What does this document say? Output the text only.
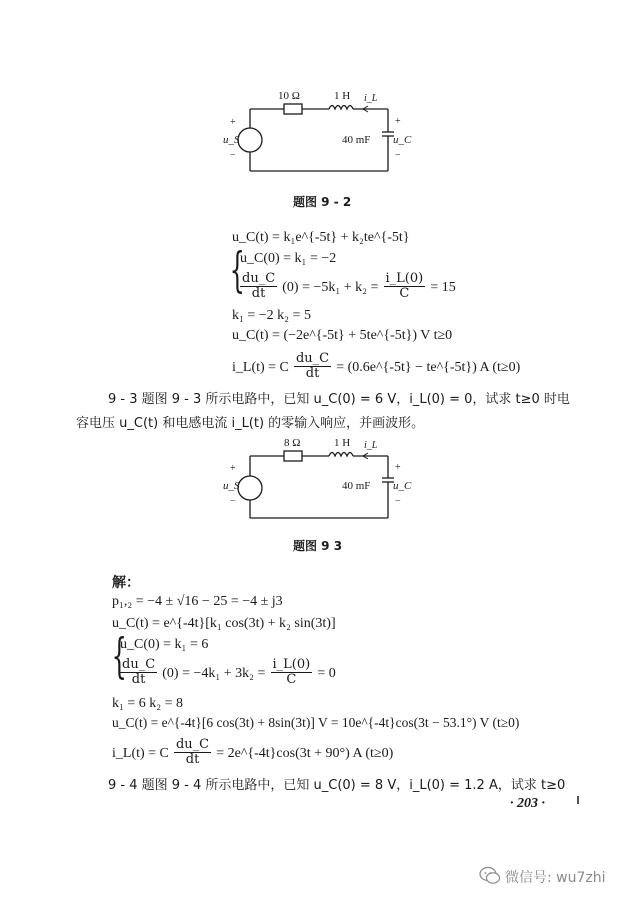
10 Ω	1 H i_L
40 mF u_C
u_S
+
−
+
−
题图 9 - 2
u_C(t) = k₁e^{-5t} + k₂te^{-5t}
{
u_C(0) = k₁ = −2
$\frac{du\_C}{dt} (0) = -5k_1 + k_2 = \frac{i\_L(0)}{C} = 15$
k₁ = −2 k₂ = 5
u_C(t) = (−2e^{-5t} + 5te^{-5t}) V t≥0
i_L(t) = C $\frac{du\_C}{dt}$ = (0.6e^{-5t} − te^{-5t}) A (t≥0)
9 - 3 题图 9 - 3 所示电路中，已知 u_C(0) = 6 V，i_L(0) = 0，试求 t≥0 时电
容电压 u_C(t) 和电感电流 i_L(t) 的零输入响应，并画波形。
8 Ω	1 H i_L
40 mF u_C
u_S
+
−
+
−
题图 9 3
解：
p₁,₂ = −4 ± √16 − 25 = −4 ± j3
u_C(t) = e^{-4t}[k₁ cos(3t) + k₂ sin(3t)]
{
u_C(0) = k₁ = 6
$\frac{du\_C}{dt} (0) = -4k_1 + 3k_2 = \frac{i\_L(0)}{C} = 0$
k₁ = 6 k₂ = 8
u_C(t) = e^{-4t}[6 cos(3t) + 8sin(3t)] V = 10e^{-4t}cos(3t − 53.1°) V (t≥0)
i_L(t) = C $\frac{du\_C}{dt}$ = 2e^{-4t}cos(3t + 90°) A (t≥0)
9 - 4 题图 9 - 4 所示电路中，已知 u_C(0) = 8 V，i_L(0) = 1.2 A，试求 t≥0
· 203 ·
微信号: wu7zhi
